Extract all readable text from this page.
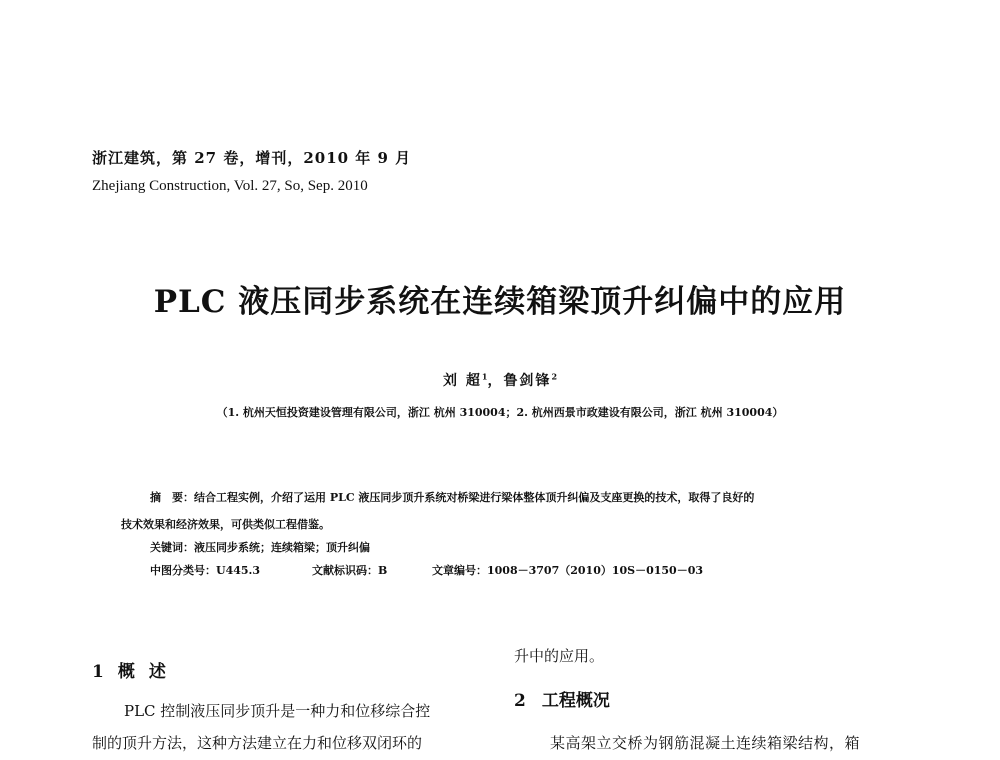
浙江建筑，第 27 卷，增刊，2010 年 9 月
Zhejiang Construction, Vol. 27, So, Sep. 2010
PLC 液压同步系统在连续箱梁顶升纠偏中的应用
刘 超$^1$，鲁剑锋$^2$
（1. 杭州天恒投资建设管理有限公司，浙江 杭州 310004；2. 杭州西景市政建设有限公司，浙江 杭州 310004）
摘　要：结合工程实例，介绍了运用 PLC 液压同步顶升系统对桥梁进行梁体整体顶升纠偏及支座更换的技术，取得了良好的
技术效果和经济效果，可供类似工程借鉴。
关键词：液压同步系统；连续箱梁；顶升纠偏
中图分类号：U445.3	文献标识码：B	文章编号：1008－3707（2010）10S－0150－03
1 概述
PLC 控制液压同步顶升是一种力和位移综合控
制的顶升方法，这种方法建立在力和位移双闭环的
升中的应用。
2 工程概况
某高架立交桥为钢筋混凝土连续箱梁结构，箱
